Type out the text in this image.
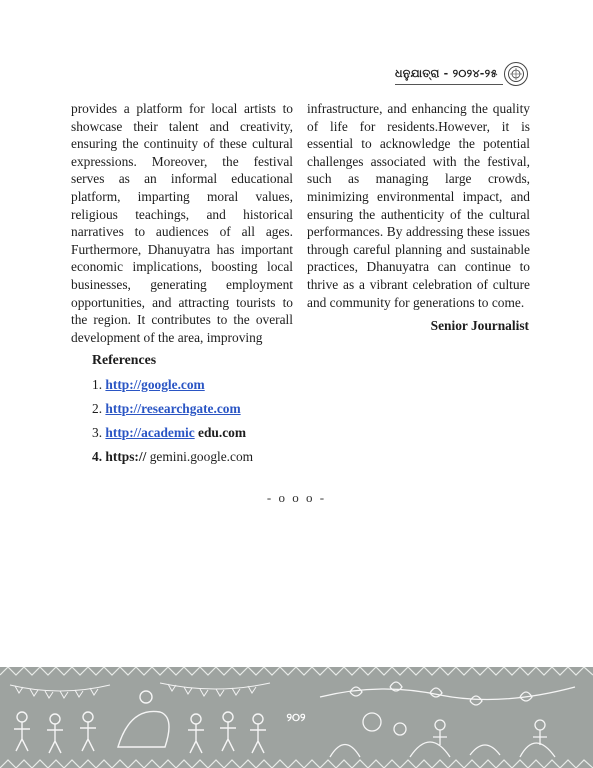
ଧନୁଯାତ୍ରା - ୨୦୨୪-୨୫

provides a platform for local artists to showcase their talent and creativity, ensuring the continuity of these cultural expressions. Moreover, the festival serves as an informal educational platform, imparting moral values, religious teachings, and historical narratives to audiences of all ages. Furthermore, Dhanuyatra has important economic implications, boosting local businesses, generating employment opportunities, and attracting tourists to the region. It contributes to the overall development of the area, improving

infrastructure, and enhancing the quality of life for residents.However, it is essential to acknowledge the potential challenges associated with the festival, such as managing large crowds, minimizing environmental impact, and ensuring the authenticity of the cultural performances. By addressing these issues through careful planning and sustainable practices, Dhanuyatra can continue to thrive as a vibrant celebration of culture and community for generations to come.

Senior Journalist
References
1. http://google.com
2. http://researchgate.com
3. http://academic edu.com
4. https:// gemini.google.com
- o o o -
୨୦୨
